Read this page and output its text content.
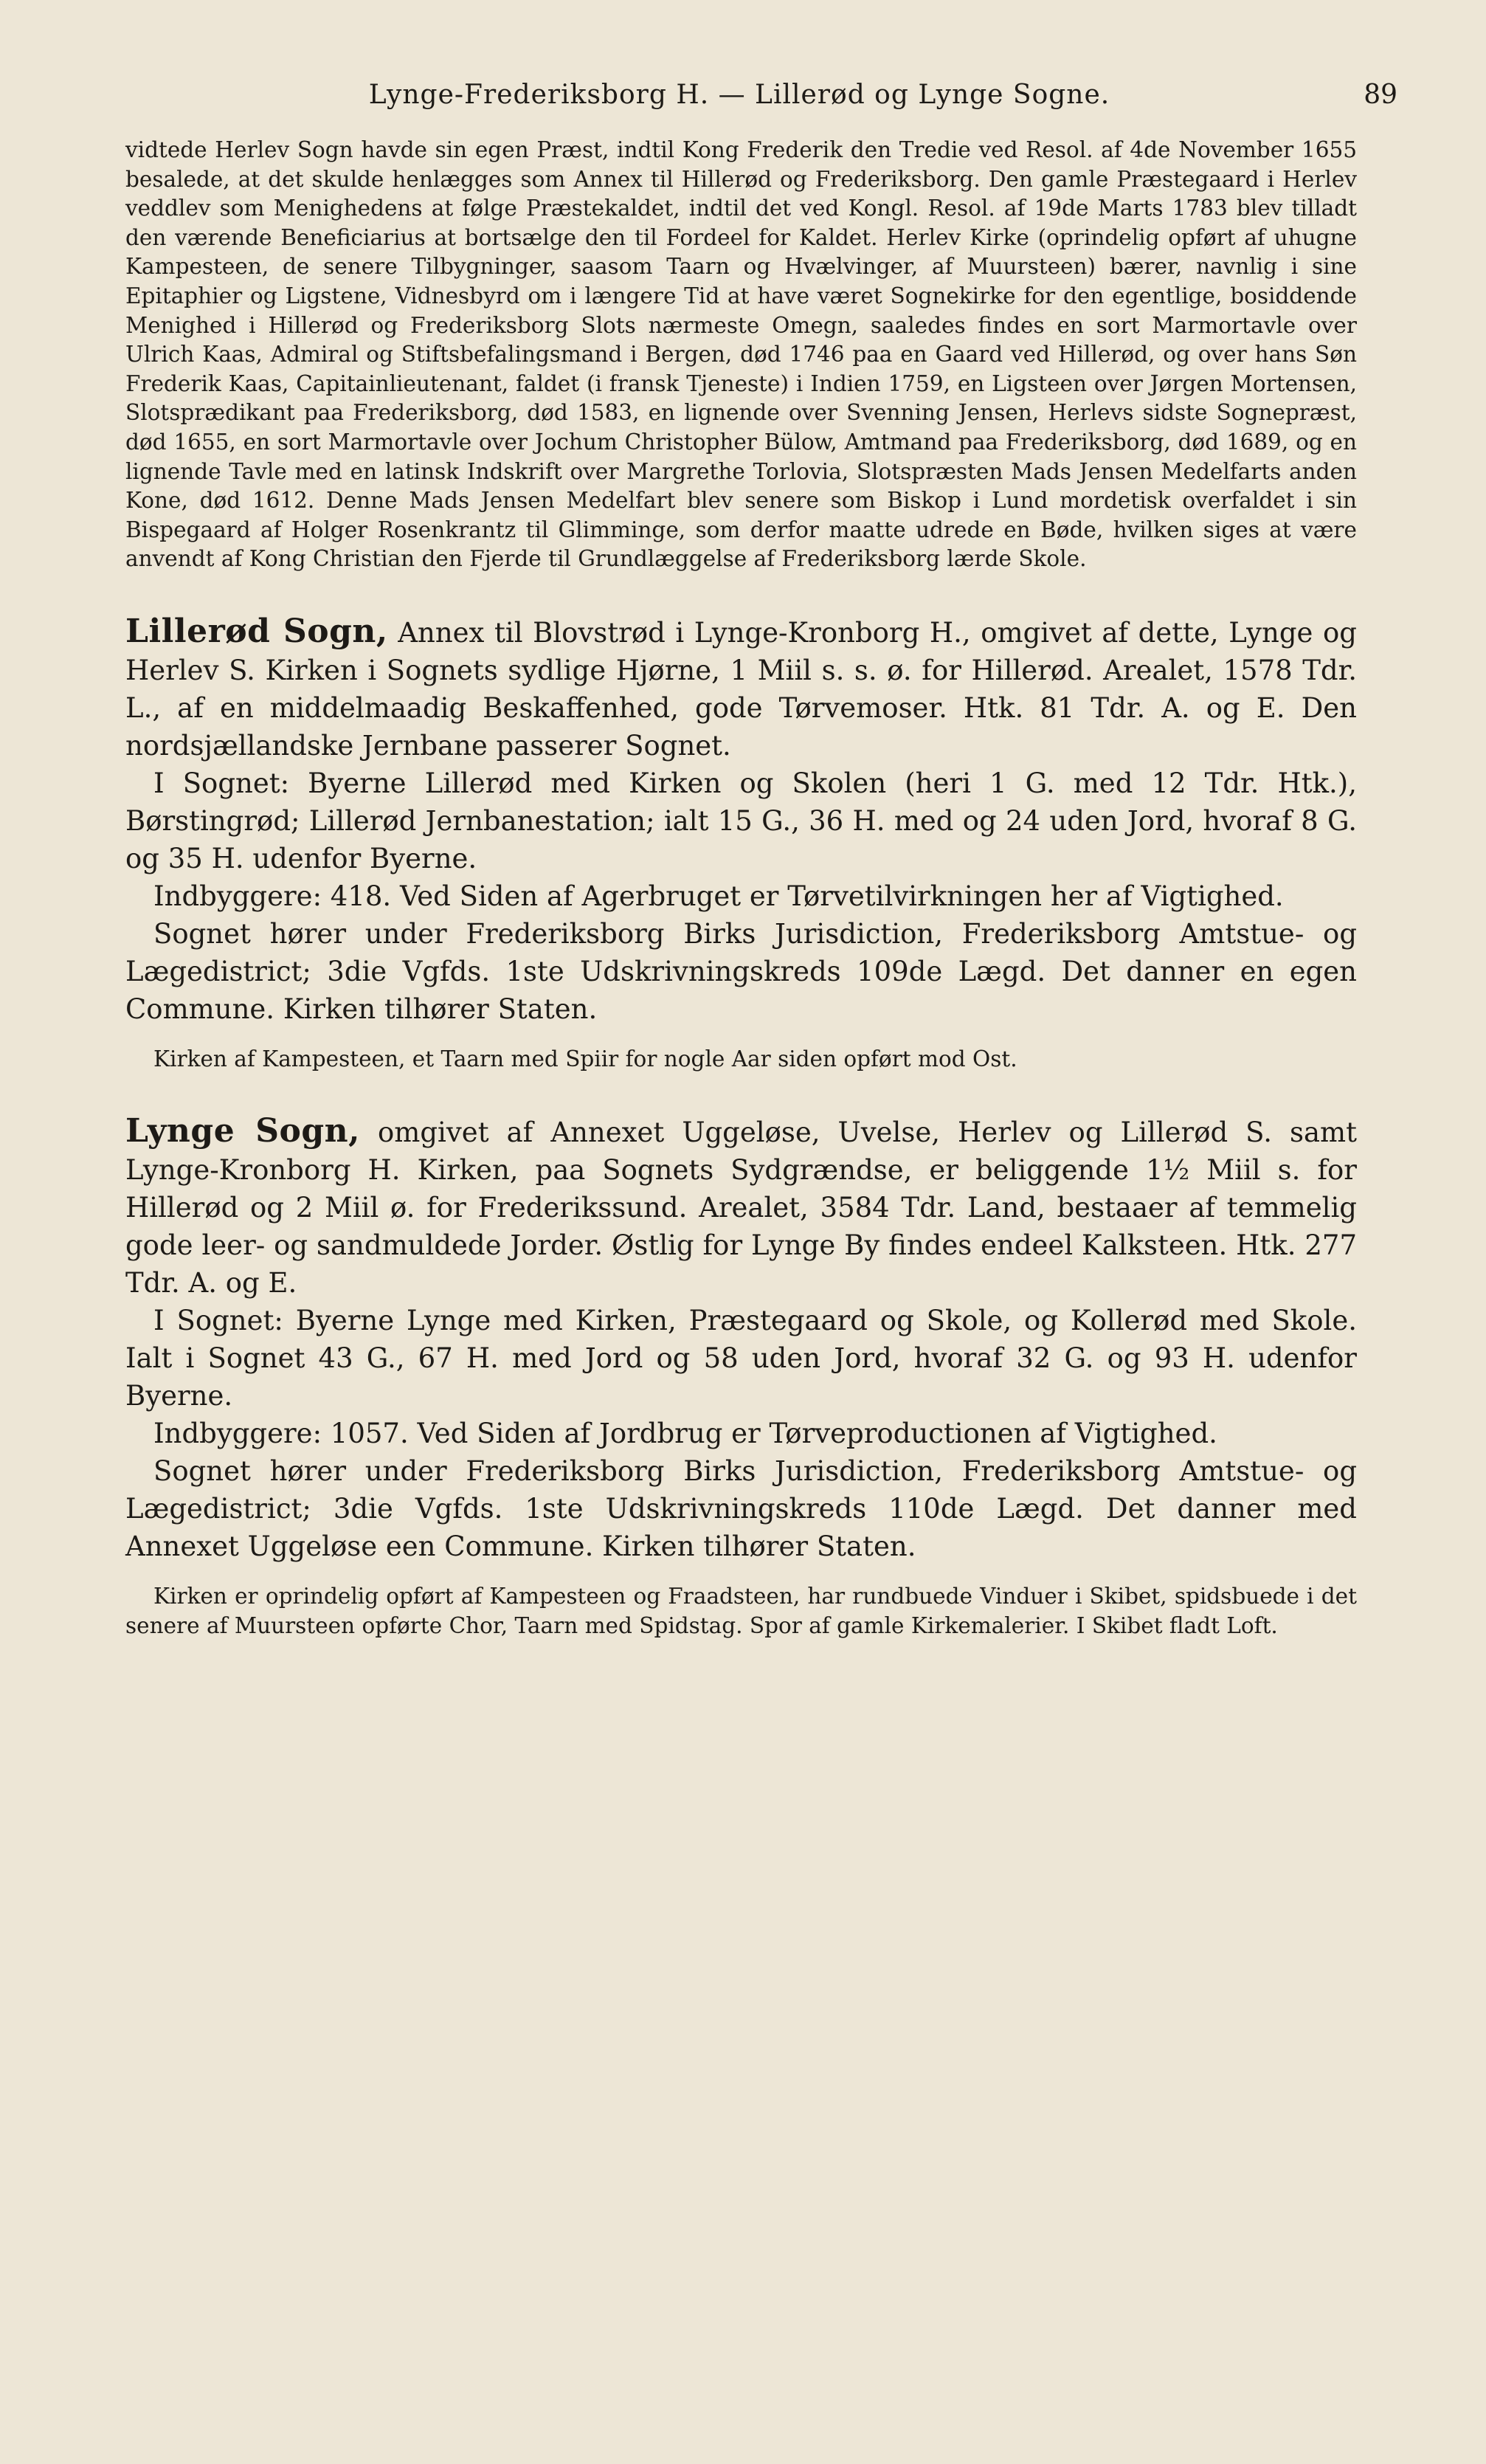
Lynge-Frederiksborg H. — Lillerød og Lynge Sogne.	89

vidtede Herlev Sogn havde sin egen Præst, indtil Kong Frederik den Tredie ved Resol. af 4de November 1655 besalede, at det skulde henlægges som Annex til Hillerød og Frederiksborg. Den gamle Præstegaard i Herlev veddlev som Menighedens at følge Præstekaldet, indtil det ved Kongl. Resol. af 19de Marts 1783 blev tilladt den værende Beneficiarius at bortsælge den til Fordeel for Kaldet. Herlev Kirke (oprindelig opført af uhugne Kampesteen, de senere Tilbygninger, saasom Taarn og Hvælvinger, af Muursteen) bærer, navnlig i sine Epitaphier og Ligstene, Vidnesbyrd om i længere Tid at have været Sognekirke for den egentlige, bosiddende Menighed i Hillerød og Frederiksborg Slots nærmeste Omegn, saaledes findes en sort Marmortavle over Ulrich Kaas, Admiral og Stiftsbefalingsmand i Bergen, død 1746 paa en Gaard ved Hillerød, og over hans Søn Frederik Kaas, Capitainlieutenant, faldet (i fransk Tjeneste) i Indien 1759, en Ligsteen over Jørgen Mortensen, Slotsprædikant paa Frederiksborg, død 1583, en lignende over Svenning Jensen, Herlevs sidste Sognepræst, død 1655, en sort Marmortavle over Jochum Christopher Bülow, Amtmand paa Frederiksborg, død 1689, og en lignende Tavle med en latinsk Indskrift over Margrethe Torlovia, Slotspræsten Mads Jensen Medelfarts anden Kone, død 1612. Denne Mads Jensen Medelfart blev senere som Biskop i Lund mordetisk overfaldet i sin Bispegaard af Holger Rosenkrantz til Glimminge, som derfor maatte udrede en Bøde, hvilken siges at være anvendt af Kong Christian den Fjerde til Grundlæggelse af Frederiksborg lærde Skole.

Lillerød Sogn, Annex til Blovstrød i Lynge-Kronborg H., omgivet af dette, Lynge og Herlev S. Kirken i Sognets sydlige Hjørne, 1 Miil s. s. ø. for Hillerød. Arealet, 1578 Tdr. L., af en middelmaadig Beskaffenhed, gode Tørvemoser. Htk. 81 Tdr. A. og E. Den nordsjællandske Jernbane passerer Sognet.

I Sognet: Byerne Lillerød med Kirken og Skolen (heri 1 G. med 12 Tdr. Htk.), Børstingrød; Lillerød Jernbanestation; ialt 15 G., 36 H. med og 24 uden Jord, hvoraf 8 G. og 35 H. udenfor Byerne.

Indbyggere: 418. Ved Siden af Agerbruget er Tørvetilvirkningen her af Vigtighed.

Sognet hører under Frederiksborg Birks Jurisdiction, Frederiksborg Amtstue- og Lægedistrict; 3die Vgfds. 1ste Udskrivningskreds 109de Lægd. Det danner en egen Commune. Kirken tilhører Staten.

Kirken af Kampesteen, et Taarn med Spiir for nogle Aar siden opført mod Ost.

Lynge Sogn, omgivet af Annexet Uggeløse, Uvelse, Herlev og Lillerød S. samt Lynge-Kronborg H. Kirken, paa Sognets Sydgrændse, er beliggende 1½ Miil s. for Hillerød og 2 Miil ø. for Frederikssund. Arealet, 3584 Tdr. Land, bestaaer af temmelig gode leer- og sandmuldede Jorder. Østlig for Lynge By findes endeel Kalksteen. Htk. 277 Tdr. A. og E.

I Sognet: Byerne Lynge med Kirken, Præstegaard og Skole, og Kollerød med Skole. Ialt i Sognet 43 G., 67 H. med Jord og 58 uden Jord, hvoraf 32 G. og 93 H. udenfor Byerne.

Indbyggere: 1057. Ved Siden af Jordbrug er Tørveproductionen af Vigtighed.

Sognet hører under Frederiksborg Birks Jurisdiction, Frederiksborg Amtstue- og Lægedistrict; 3die Vgfds. 1ste Udskrivningskreds 110de Lægd. Det danner med Annexet Uggeløse een Commune. Kirken tilhører Staten.

Kirken er oprindelig opført af Kampesteen og Fraadsteen, har rundbuede Vinduer i Skibet, spidsbuede i det senere af Muursteen opførte Chor, Taarn med Spidstag. Spor af gamle Kirkemalerier. I Skibet fladt Loft.
